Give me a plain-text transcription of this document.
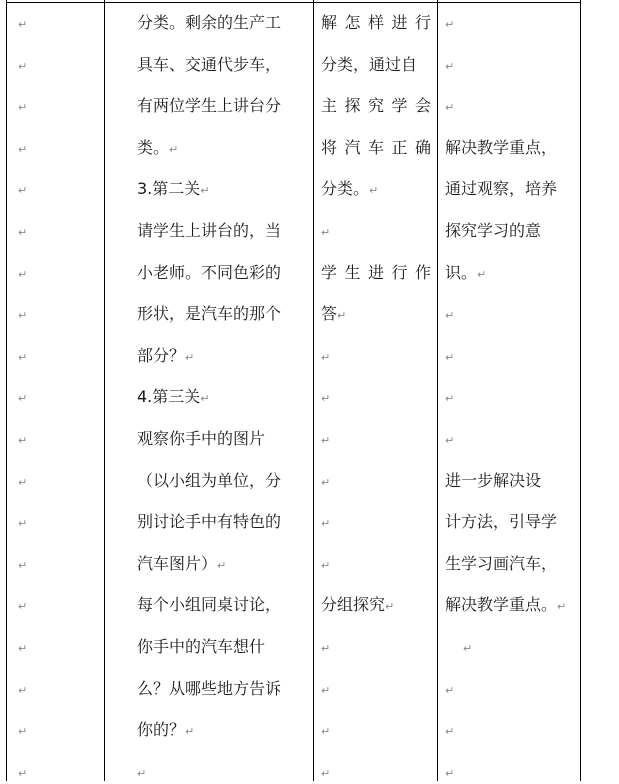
↵
↵
↵
↵
↵
↵
↵
↵
↵
↵
↵
↵
↵
↵
↵
↵
↵
↵
↵
分类。剩余的生产工
具车、交通代步车，
有两位学生上讲台分
类。↵
3.第二关↵
请学生上讲台的，当
小老师。不同色彩的
形状，是汽车的那个
部分？↵
4.第三关↵
观察你手中的图片
（以小组为单位，分
别讨论手中有特色的
汽车图片）↵
每个小组同桌讨论，
你手中的汽车想什
么？从哪些地方告诉
你的？↵
↵
解 怎 样 进 行
分类，通过自
主 探 究 学 会
将 汽 车 正 确
分类。↵
↵
学 生 进 行 作
答↵
↵
↵
↵
↵
↵
↵
分组探究↵
↵
↵
↵
↵
↵
↵
↵
解决教学重点，
通过观察，培养
探究学习的意
识。↵
↵
↵
↵
↵
进一步解决设
计方法，引导学
生学习画汽车，
解决教学重点。↵
↵
↵
↵
↵
